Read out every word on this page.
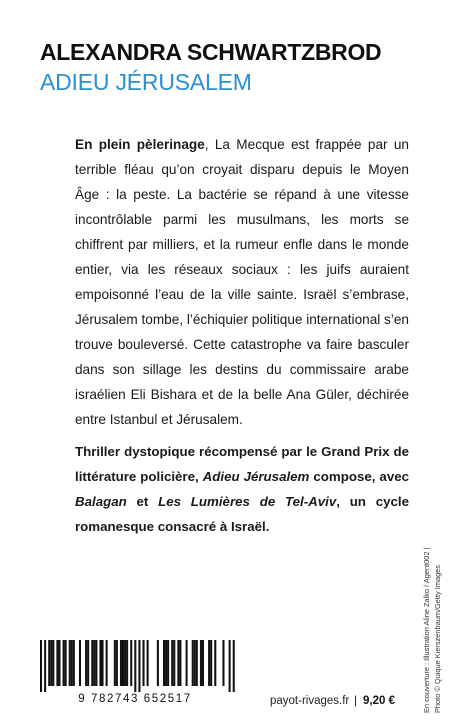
ALEXANDRA SCHWARTZBROD
ADIEU JÉRUSALEM

En plein pèlerinage, La Mecque est frappée par un terrible fléau qu’on croyait disparu depuis le Moyen Âge : la peste. La bactérie se répand à une vitesse incontrôlable parmi les musulmans, les morts se chiffrent par milliers, et la rumeur enfle dans le monde entier, via les réseaux sociaux : les juifs auraient empoisonné l’eau de la ville sainte. Israël s’embrase, Jérusalem tombe, l’échiquier politique international s’en trouve bouleversé. Cette catastrophe va faire basculer dans son sillage les destins du commissaire arabe israélien Eli Bishara et de la belle Ana Güler, déchirée entre Istanbul et Jérusalem.

Thriller dystopique récompensé par le Grand Prix de littérature policière, Adieu Jérusalem compose, avec Balagan et Les Lumières de Tel-Aviv, un cycle romanesque consacré à Israël.

En couverture : Illustration Aline Zalko / Agent002 | Photo © Quique Kierszenbaum/Getty Images
9 782743 652517	payot-rivages.fr | 9,20 €
